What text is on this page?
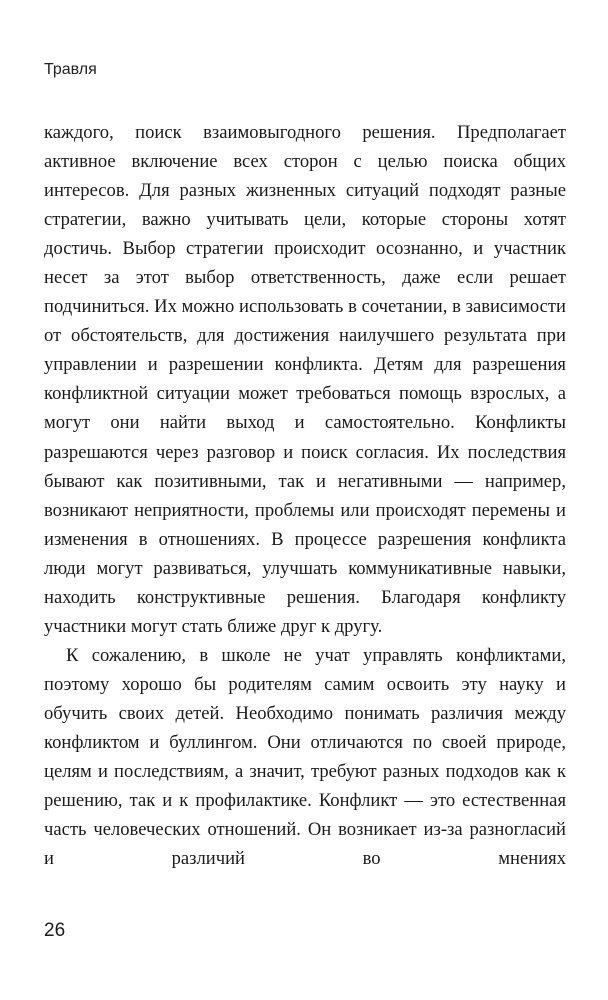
Травля

каждого, поиск взаимовыгодного решения. Предполагает активное включение всех сторон с целью поиска общих интересов. Для разных жизненных ситуаций подходят разные стратегии, важно учитывать цели, которые стороны хотят достичь. Выбор стратегии происходит осознанно, и участник несет за этот выбор ответственность, даже если решает подчиниться. Их можно использовать в сочетании, в зависимости от обстоятельств, для достижения наилучшего результата при управлении и разрешении конфликта. Детям для разрешения конфликтной ситуации может требоваться помощь взрослых, а могут они найти выход и самостоятельно. Конфликты разрешаются через разговор и поиск согласия. Их последствия бывают как позитивными, так и негативными — например, возникают неприятности, проблемы или происходят перемены и изменения в отношениях. В процессе разрешения конфликта люди могут развиваться, улучшать коммуникативные навыки, находить конструктивные решения. Благодаря конфликту участники могут стать ближе друг к другу.

К сожалению, в школе не учат управлять конфликтами, поэтому хорошо бы родителям самим освоить эту науку и обучить своих детей. Необходимо понимать различия между конфликтом и буллингом. Они отличаются по своей природе, целям и последствиям, а значит, требуют разных подходов как к решению, так и к профилактике. Конфликт — это естественная часть человеческих отношений. Он возникает из-за разногласий и различий во мнениях

26
